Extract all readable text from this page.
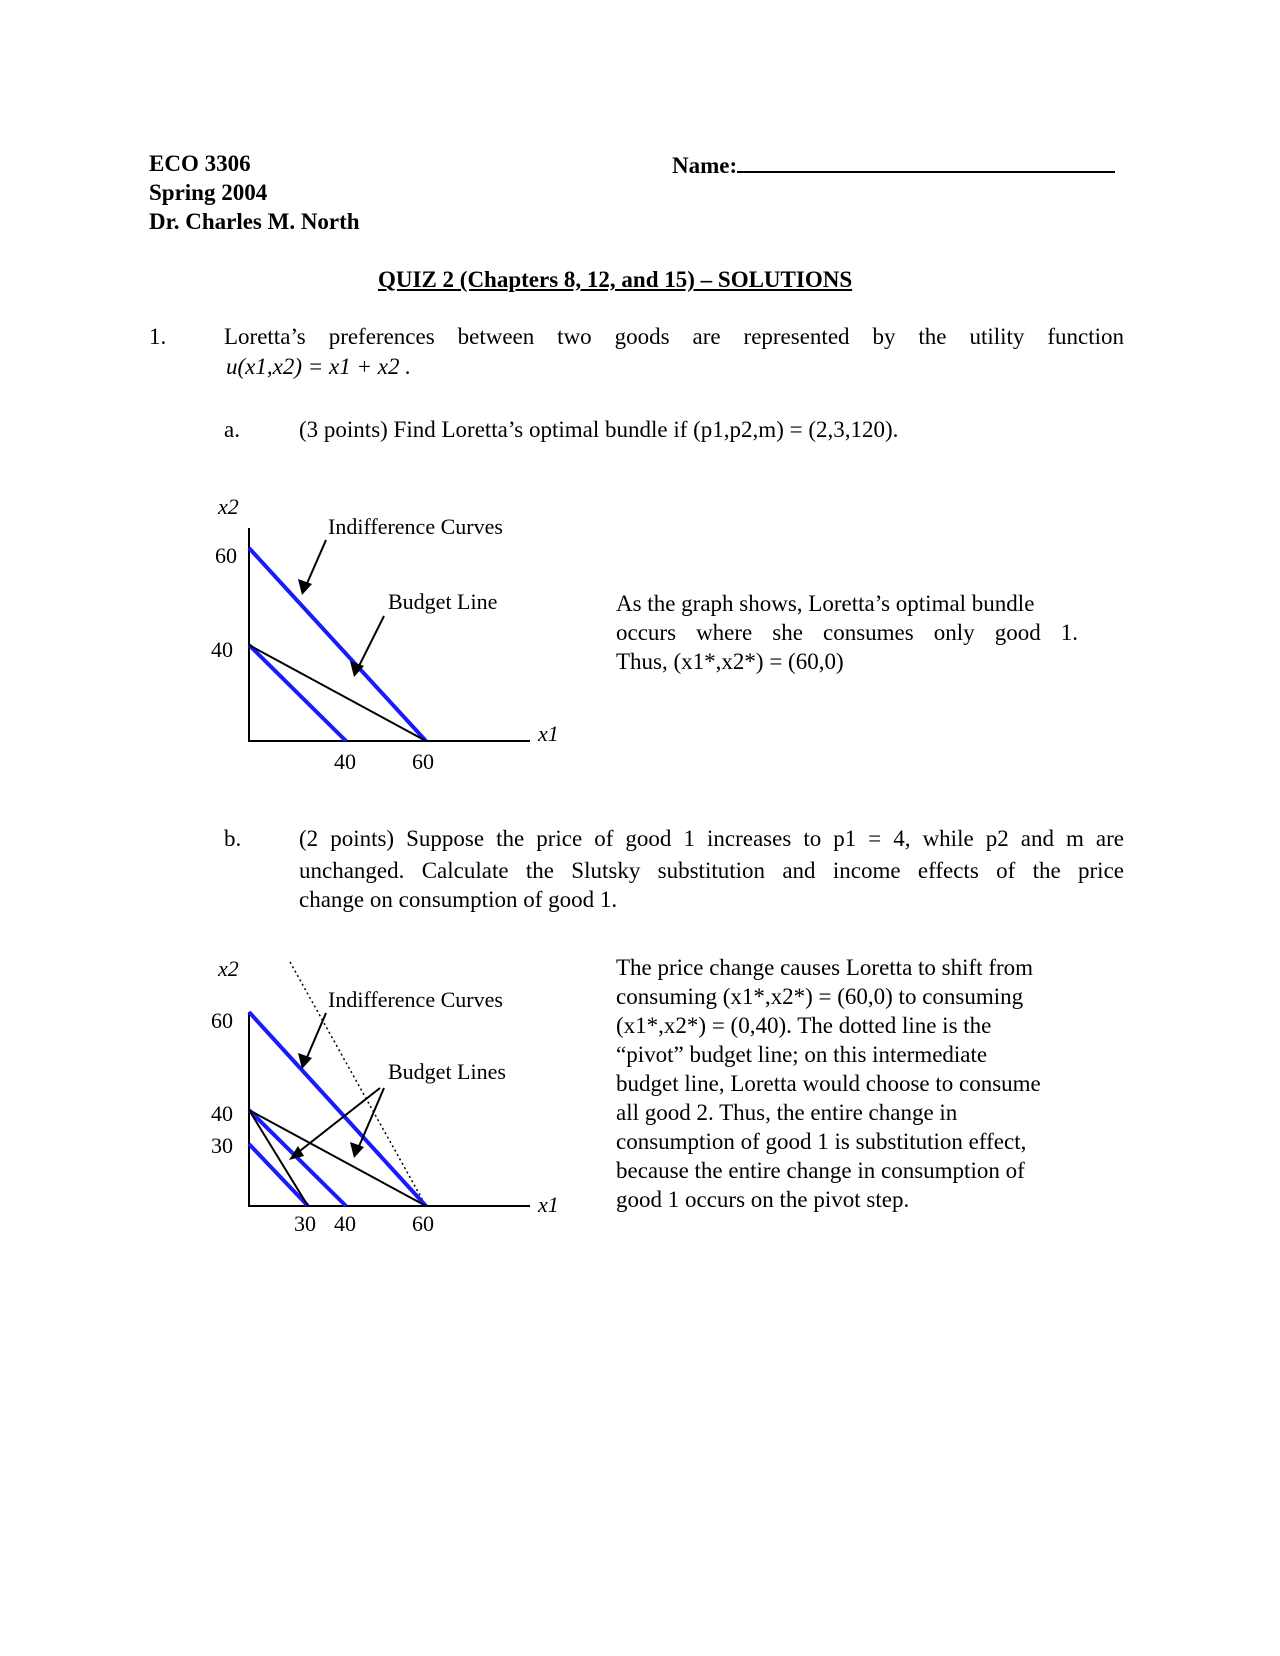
ECO 3306
Spring 2004
Dr. Charles M. North
Name:
QUIZ 2 (Chapters 8, 12, and 15) – SOLUTIONS
1.	Loretta’s preferences between two goods are represented by the utility function
u(x1,x2) = x1 + x2 .
a.	(3 points) Find Loretta’s optimal bundle if (p1,p2,m) = (2,3,120).
x2
x1
60
40
40	60
Indifference Curves
Budget Line	As the graph shows, Loretta’s optimal bundle
occurs where she consumes only good 1.
Thus, (x1*,x2*) = (60,0)
b.	(2 points) Suppose the price of good 1 increases to p1 = 4, while p2 and m are
unchanged. Calculate the Slutsky substitution and income effects of the price
change on consumption of good 1.
x2
x1
60
40
30
30 40	60
Indifference Curves
Budget Lines
The price change causes Loretta to shift from
consuming (x1*,x2*) = (60,0) to consuming
(x1*,x2*) = (0,40). The dotted line is the
“pivot” budget line; on this intermediate
budget line, Loretta would choose to consume
all good 2. Thus, the entire change in
consumption of good 1 is substitution effect,
because the entire change in consumption of
good 1 occurs on the pivot step.
